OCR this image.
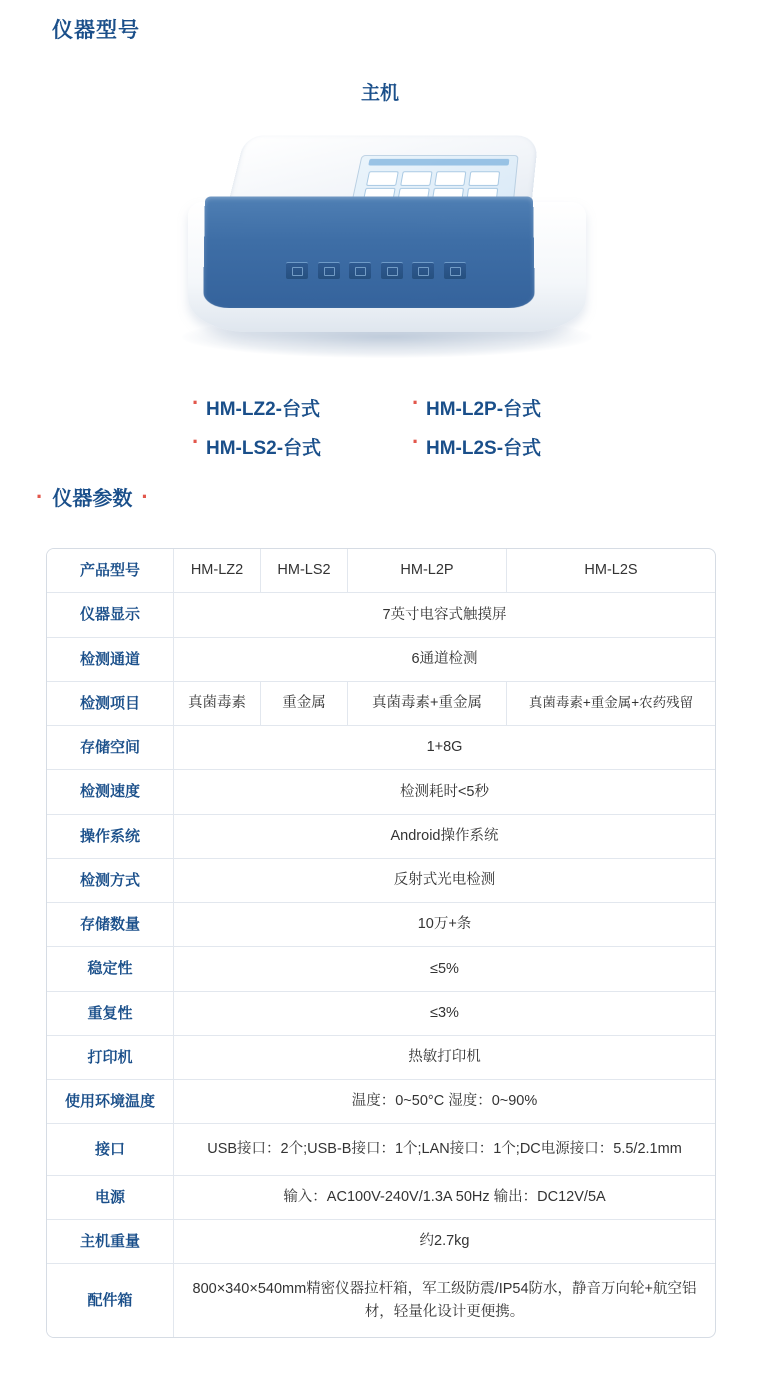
仪器型号
主机
· HM-LZ2-台式	· HM-L2P-台式
· HM-LS2-台式	· HM-L2S-台式
· 仪器参数 ·
产品型号	HM-LZ2	HM-LS2	HM-L2P	HM-L2S
仪器显示	7英寸电容式触摸屏			
检测通道	6通道检测			
检测项目	真菌毒素	重金属	真菌毒素+重金属	真菌毒素+重金属+农药残留
存储空间	1+8G			
检测速度	检测耗时<5秒			
操作系统	Android操作系统			
检测方式	反射式光电检测			
存储数量	10万+条			
稳定性	≤5%			
重复性	≤3%			
打印机	热敏打印机			
使用环境温度	温度：0~50°C 湿度：0~90%			
接口	USB接口：2个;USB-B接口：1个;LAN接口：1个;DC电源接口：5.5/2.1mm			
电源	输入：AC100V-240V/1.3A 50Hz 输出：DC12V/5A			
主机重量	约2.7kg			
配件箱	800×340×540mm精密仪器拉杆箱，军工级防震/IP54防水，静音万向轮+航空铝材，轻量化设计更便携。			
